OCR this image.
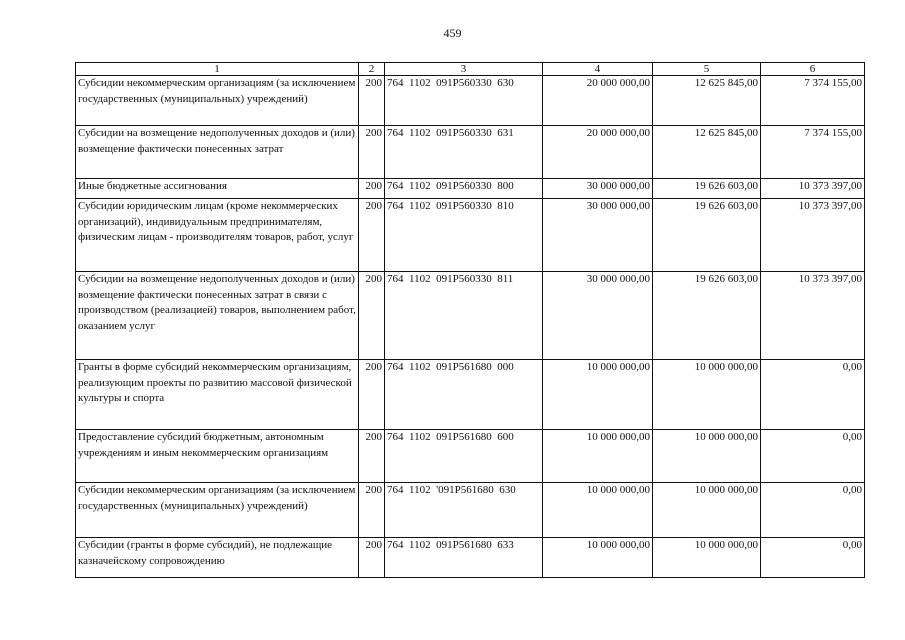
459
1	2	3	4	5	6
Субсидии некоммерческим организациям (за исключением государственных (муниципальных) учреждений)	200	764  1102  091P560330  630	20 000 000,00	12 625 845,00	7 374 155,00
Субсидии на возмещение недополученных доходов и (или) возмещение фактически понесенных затрат	200	764  1102  091P560330  631	20 000 000,00	12 625 845,00	7 374 155,00
Иные бюджетные ассигнования	200	764  1102  091P560330  800	30 000 000,00	19 626 603,00	10 373 397,00
Субсидии юридическим лицам (кроме некоммерческих организаций), индивидуальным предпринимателям, физическим лицам - производителям товаров, работ, услуг	200	764  1102  091P560330  810	30 000 000,00	19 626 603,00	10 373 397,00
Субсидии на возмещение недополученных доходов и (или) возмещение фактически понесенных затрат в связи с производством (реализацией) товаров, выполнением работ, оказанием услуг	200	764  1102  091P560330  811	30 000 000,00	19 626 603,00	10 373 397,00
Гранты в форме субсидий некоммерческим организациям, реализующим проекты по развитию массовой физической культуры и спорта	200	764  1102  091P561680  000	10 000 000,00	10 000 000,00	0,00
Предоставление субсидий бюджетным, автономным учреждениям и иным некоммерческим организациям	200	764  1102  091P561680  600	10 000 000,00	10 000 000,00	0,00
Субсидии некоммерческим организациям (за исключением государственных (муниципальных) учреждений)	200	764  1102  '091P561680  630	10 000 000,00	10 000 000,00	0,00
Субсидии (гранты в форме субсидий), не подлежащие казначейскому сопровождению	200	764  1102  091P561680  633	10 000 000,00	10 000 000,00	0,00
